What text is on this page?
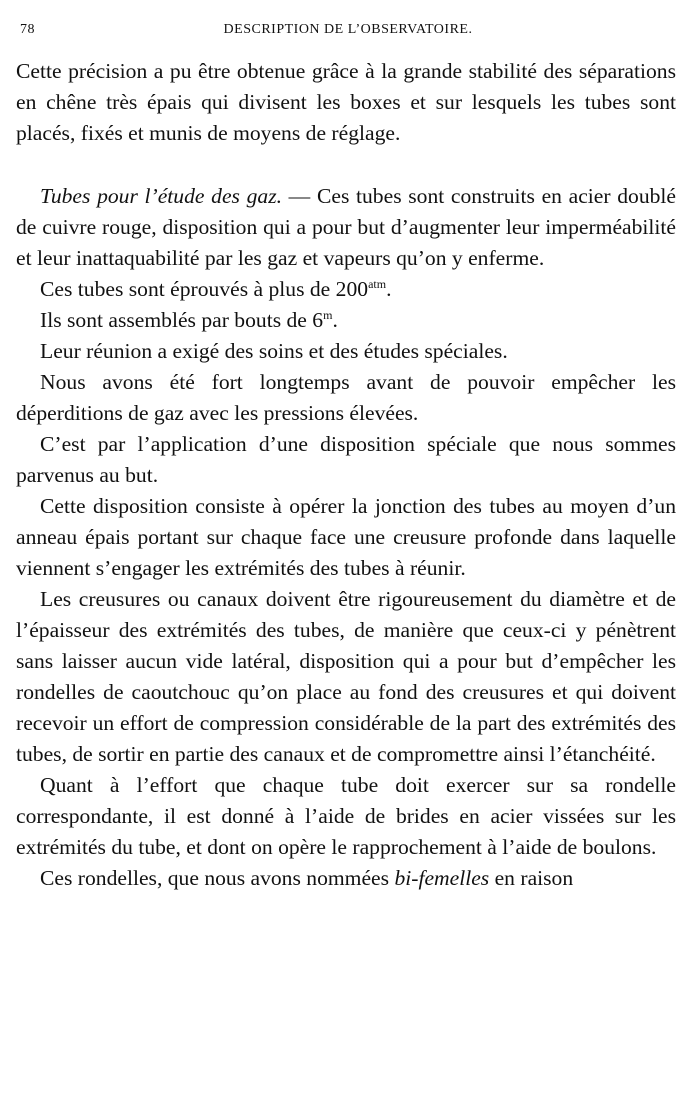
78	DESCRIPTION DE L’OBSERVATOIRE.

Cette précision a pu être obtenue grâce à la grande stabilité des séparations en chêne très épais qui divisent les boxes et sur lesquels les tubes sont placés, fixés et munis de moyens de réglage.

Tubes pour l’étude des gaz. — Ces tubes sont construits en acier doublé de cuivre rouge, disposition qui a pour but d’augmenter leur imperméabilité et leur inattaquabilité par les gaz et vapeurs qu’on y enferme.

Ces tubes sont éprouvés à plus de $200^{atm}$.

Ils sont assemblés par bouts de 6$^m$.

Leur réunion a exigé des soins et des études spéciales.

Nous avons été fort longtemps avant de pouvoir empêcher les déperditions de gaz avec les pressions élevées.

C’est par l’application d’une disposition spéciale que nous sommes parvenus au but.

Cette disposition consiste à opérer la jonction des tubes au moyen d’un anneau épais portant sur chaque face une creusure profonde dans laquelle viennent s’engager les extrémités des tubes à réunir.

Les creusures ou canaux doivent être rigoureusement du diamètre et de l’épaisseur des extrémités des tubes, de manière que ceux-ci y pénètrent sans laisser aucun vide latéral, disposition qui a pour but d’empêcher les rondelles de caoutchouc qu’on place au fond des creusures et qui doivent recevoir un effort de compression considérable de la part des extrémités des tubes, de sortir en partie des canaux et de compromettre ainsi l’étanchéité.

Quant à l’effort que chaque tube doit exercer sur sa rondelle correspondante, il est donné à l’aide de brides en acier vissées sur les extrémités du tube, et dont on opère le rapprochement à l’aide de boulons.

Ces rondelles, que nous avons nommées bi-femelles en raison
